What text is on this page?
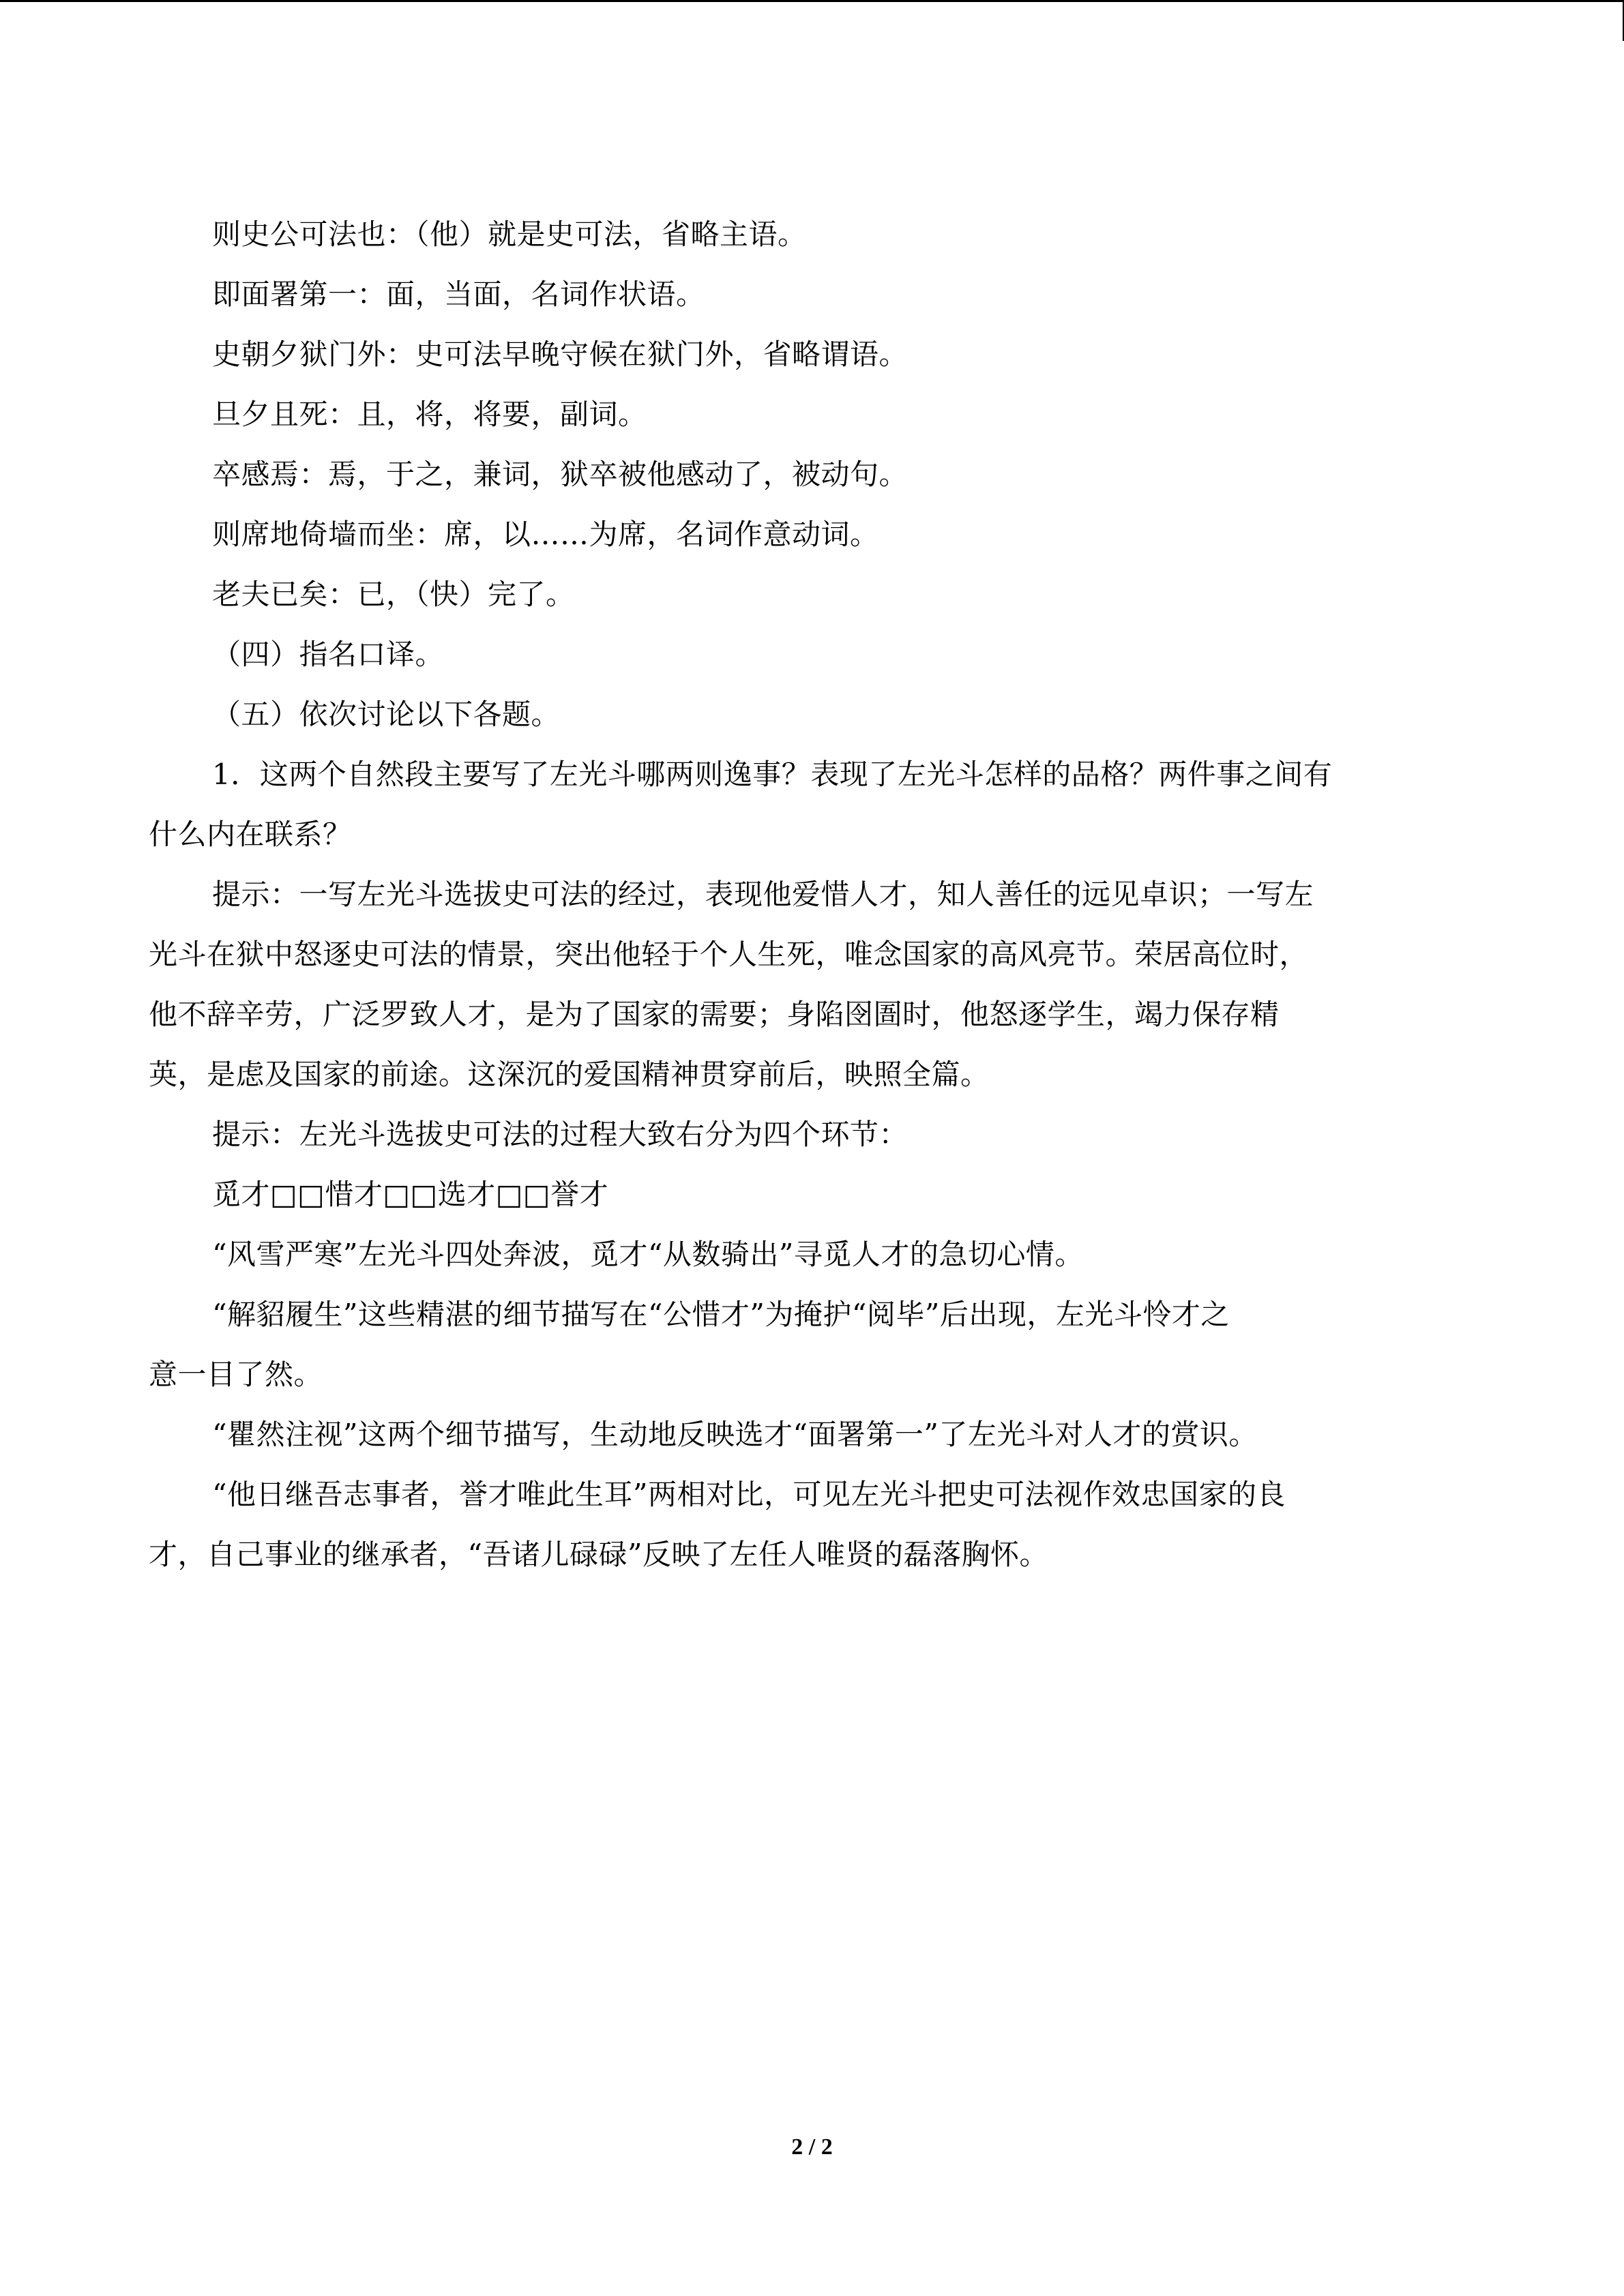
则史公可法也：（他）就是史可法，省略主语。
即面署第一：面，当面，名词作状语。
史朝夕狱门外：史可法早晚守候在狱门外，省略谓语。
旦夕且死：且，将，将要，副词。
卒感焉：焉，于之，兼词，狱卒被他感动了，被动句。
则席地倚墙而坐：席，以……为席，名词作意动词。
老夫已矣：已，（快）完了。
（四）指名口译。
（五）依次讨论以下各题。
1．这两个自然段主要写了左光斗哪两则逸事？表现了左光斗怎样的品格？两件事之间有
什么内在联系？
提示：一写左光斗选拔史可法的经过，表现他爱惜人才，知人善任的远见卓识；一写左
光斗在狱中怒逐史可法的情景，突出他轻于个人生死，唯念国家的高风亮节。荣居高位时，
他不辞辛劳，广泛罗致人才，是为了国家的需要；身陷囹圄时，他怒逐学生，竭力保存精
英，是虑及国家的前途。这深沉的爱国精神贯穿前后，映照全篇。
提示：左光斗选拔史可法的过程大致右分为四个环节：
觅才□□惜才□□选才□□誉才
“风雪严寒”左光斗四处奔波，觅才“从数骑出”寻觅人才的急切心情。
“解貂履生”这些精湛的细节描写在“公惜才”为掩护“阅毕”后出现，左光斗怜才之
意一目了然。
“瞿然注视”这两个细节描写，生动地反映选才“面署第一”了左光斗对人才的赏识。
“他日继吾志事者，誉才唯此生耳”两相对比，可见左光斗把史可法视作效忠国家的良
才，自己事业的继承者，“吾诸儿碌碌”反映了左任人唯贤的磊落胸怀。
2 / 2
